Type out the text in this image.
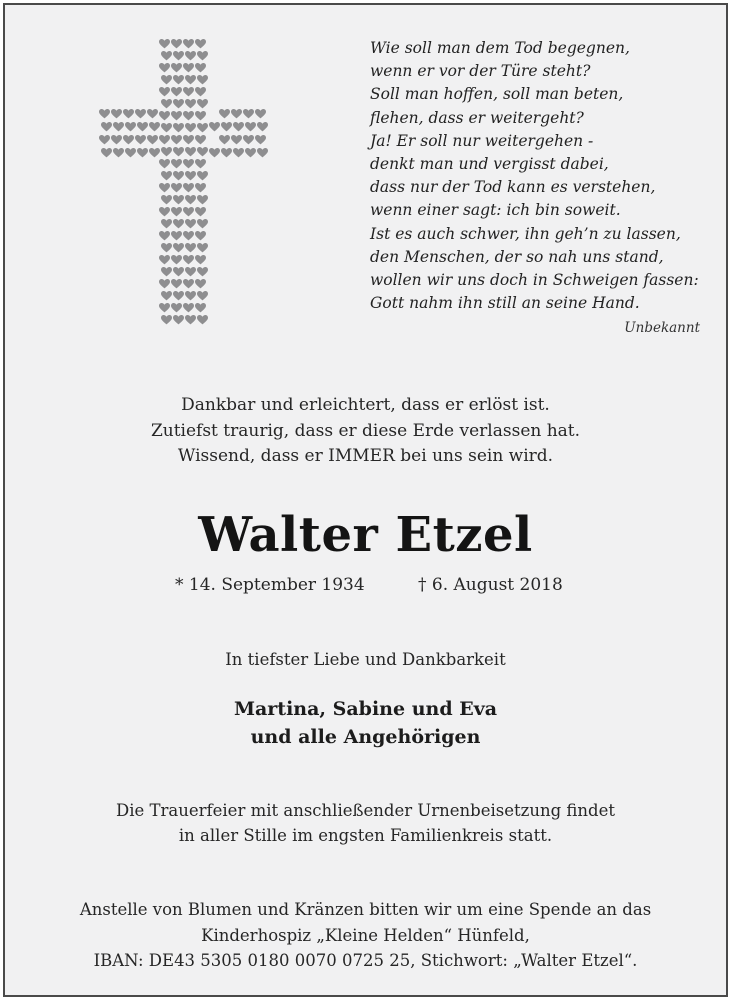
Wie soll man dem Tod begegnen,
wenn er vor der Türe steht?
Soll man hoffen, soll man beten,
flehen, dass er weitergeht?
Ja! Er soll nur weitergehen -
denkt man und vergisst dabei,
dass nur der Tod kann es verstehen,
wenn einer sagt: ich bin soweit.
Ist es auch schwer, ihn geh’n zu lassen,
den Menschen, der so nah uns stand,
wollen wir uns doch in Schweigen fassen:
Gott nahm ihn still an seine Hand.
Unbekannt
Dankbar und erleichtert, dass er erlöst ist.
Zutiefst traurig, dass er diese Erde verlassen hat.
Wissend, dass er IMMER bei uns sein wird.
Walter Etzel
* 14. September 1934	† 6. August 2018
In tiefster Liebe und Dankbarkeit
Martina, Sabine und Eva
und alle Angehörigen
Die Trauerfeier mit anschließender Urnenbeisetzung findet
in aller Stille im engsten Familienkreis statt.
Anstelle von Blumen und Kränzen bitten wir um eine Spende an das
Kinderhospiz „Kleine Helden“ Hünfeld,
IBAN: DE43 5305 0180 0070 0725 25, Stichwort: „Walter Etzel“.
